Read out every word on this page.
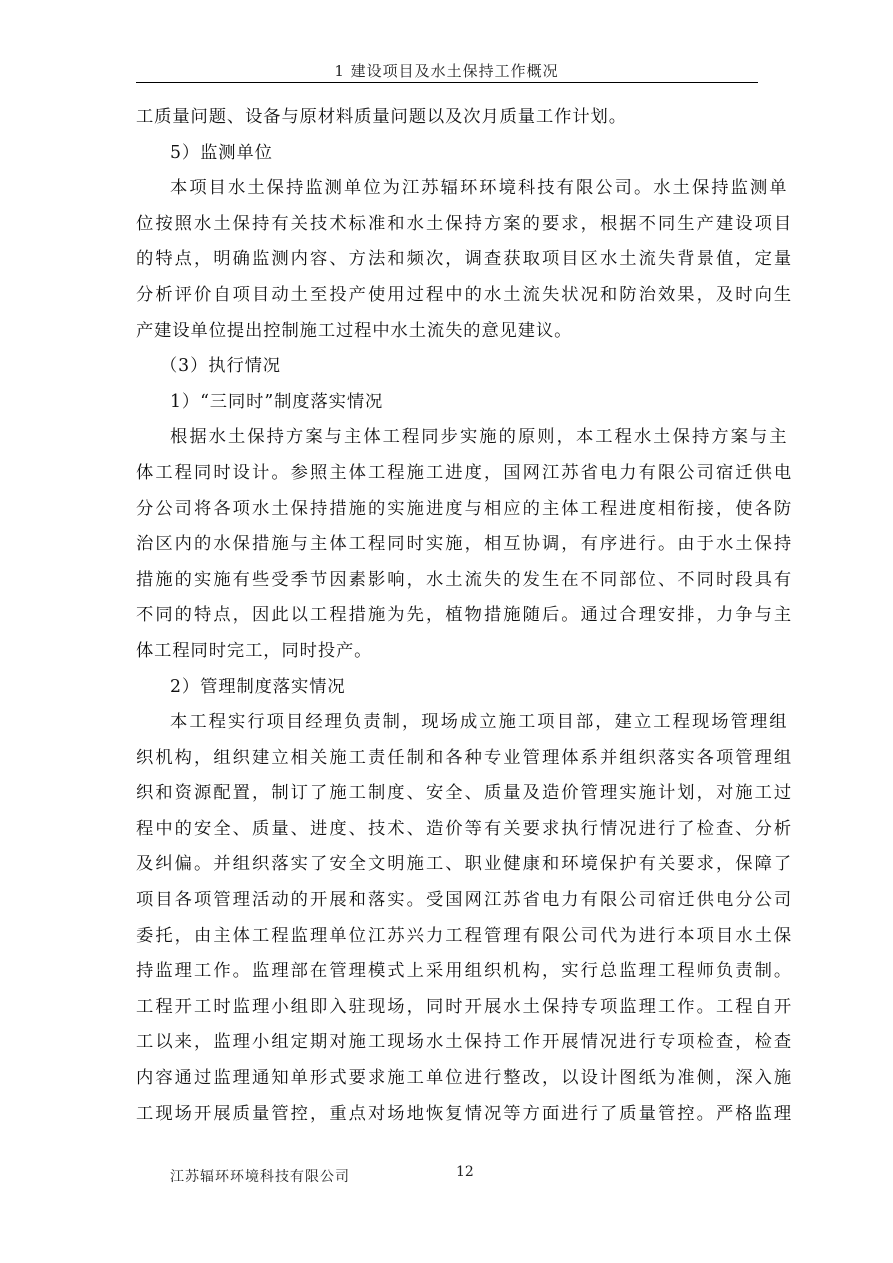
1 建设项目及水土保持工作概况
工质量问题、设备与原材料质量问题以及次月质量工作计划。
5）监测单位
本项目水土保持监测单位为江苏辐环环境科技有限公司。水土保持监测单
位按照水土保持有关技术标准和水土保持方案的要求，根据不同生产建设项目
的特点，明确监测内容、方法和频次，调查获取项目区水土流失背景值，定量
分析评价自项目动土至投产使用过程中的水土流失状况和防治效果，及时向生
产建设单位提出控制施工过程中水土流失的意见建议。
（3）执行情况
1）“三同时”制度落实情况
根据水土保持方案与主体工程同步实施的原则，本工程水土保持方案与主
体工程同时设计。参照主体工程施工进度，国网江苏省电力有限公司宿迁供电
分公司将各项水土保持措施的实施进度与相应的主体工程进度相衔接，使各防
治区内的水保措施与主体工程同时实施，相互协调，有序进行。由于水土保持
措施的实施有些受季节因素影响，水土流失的发生在不同部位、不同时段具有
不同的特点，因此以工程措施为先，植物措施随后。通过合理安排，力争与主
体工程同时完工，同时投产。
2）管理制度落实情况
本工程实行项目经理负责制，现场成立施工项目部，建立工程现场管理组
织机构，组织建立相关施工责任制和各种专业管理体系并组织落实各项管理组
织和资源配置，制订了施工制度、安全、质量及造价管理实施计划，对施工过
程中的安全、质量、进度、技术、造价等有关要求执行情况进行了检查、分析
及纠偏。并组织落实了安全文明施工、职业健康和环境保护有关要求，保障了
项目各项管理活动的开展和落实。受国网江苏省电力有限公司宿迁供电分公司
委托，由主体工程监理单位江苏兴力工程管理有限公司代为进行本项目水土保
持监理工作。监理部在管理模式上采用组织机构，实行总监理工程师负责制。
工程开工时监理小组即入驻现场，同时开展水土保持专项监理工作。工程自开
工以来，监理小组定期对施工现场水土保持工作开展情况进行专项检查，检查
内容通过监理通知单形式要求施工单位进行整改，以设计图纸为准侧，深入施
工现场开展质量管控，重点对场地恢复情况等方面进行了质量管控。严格监理
江苏辐环环境科技有限公司	12
